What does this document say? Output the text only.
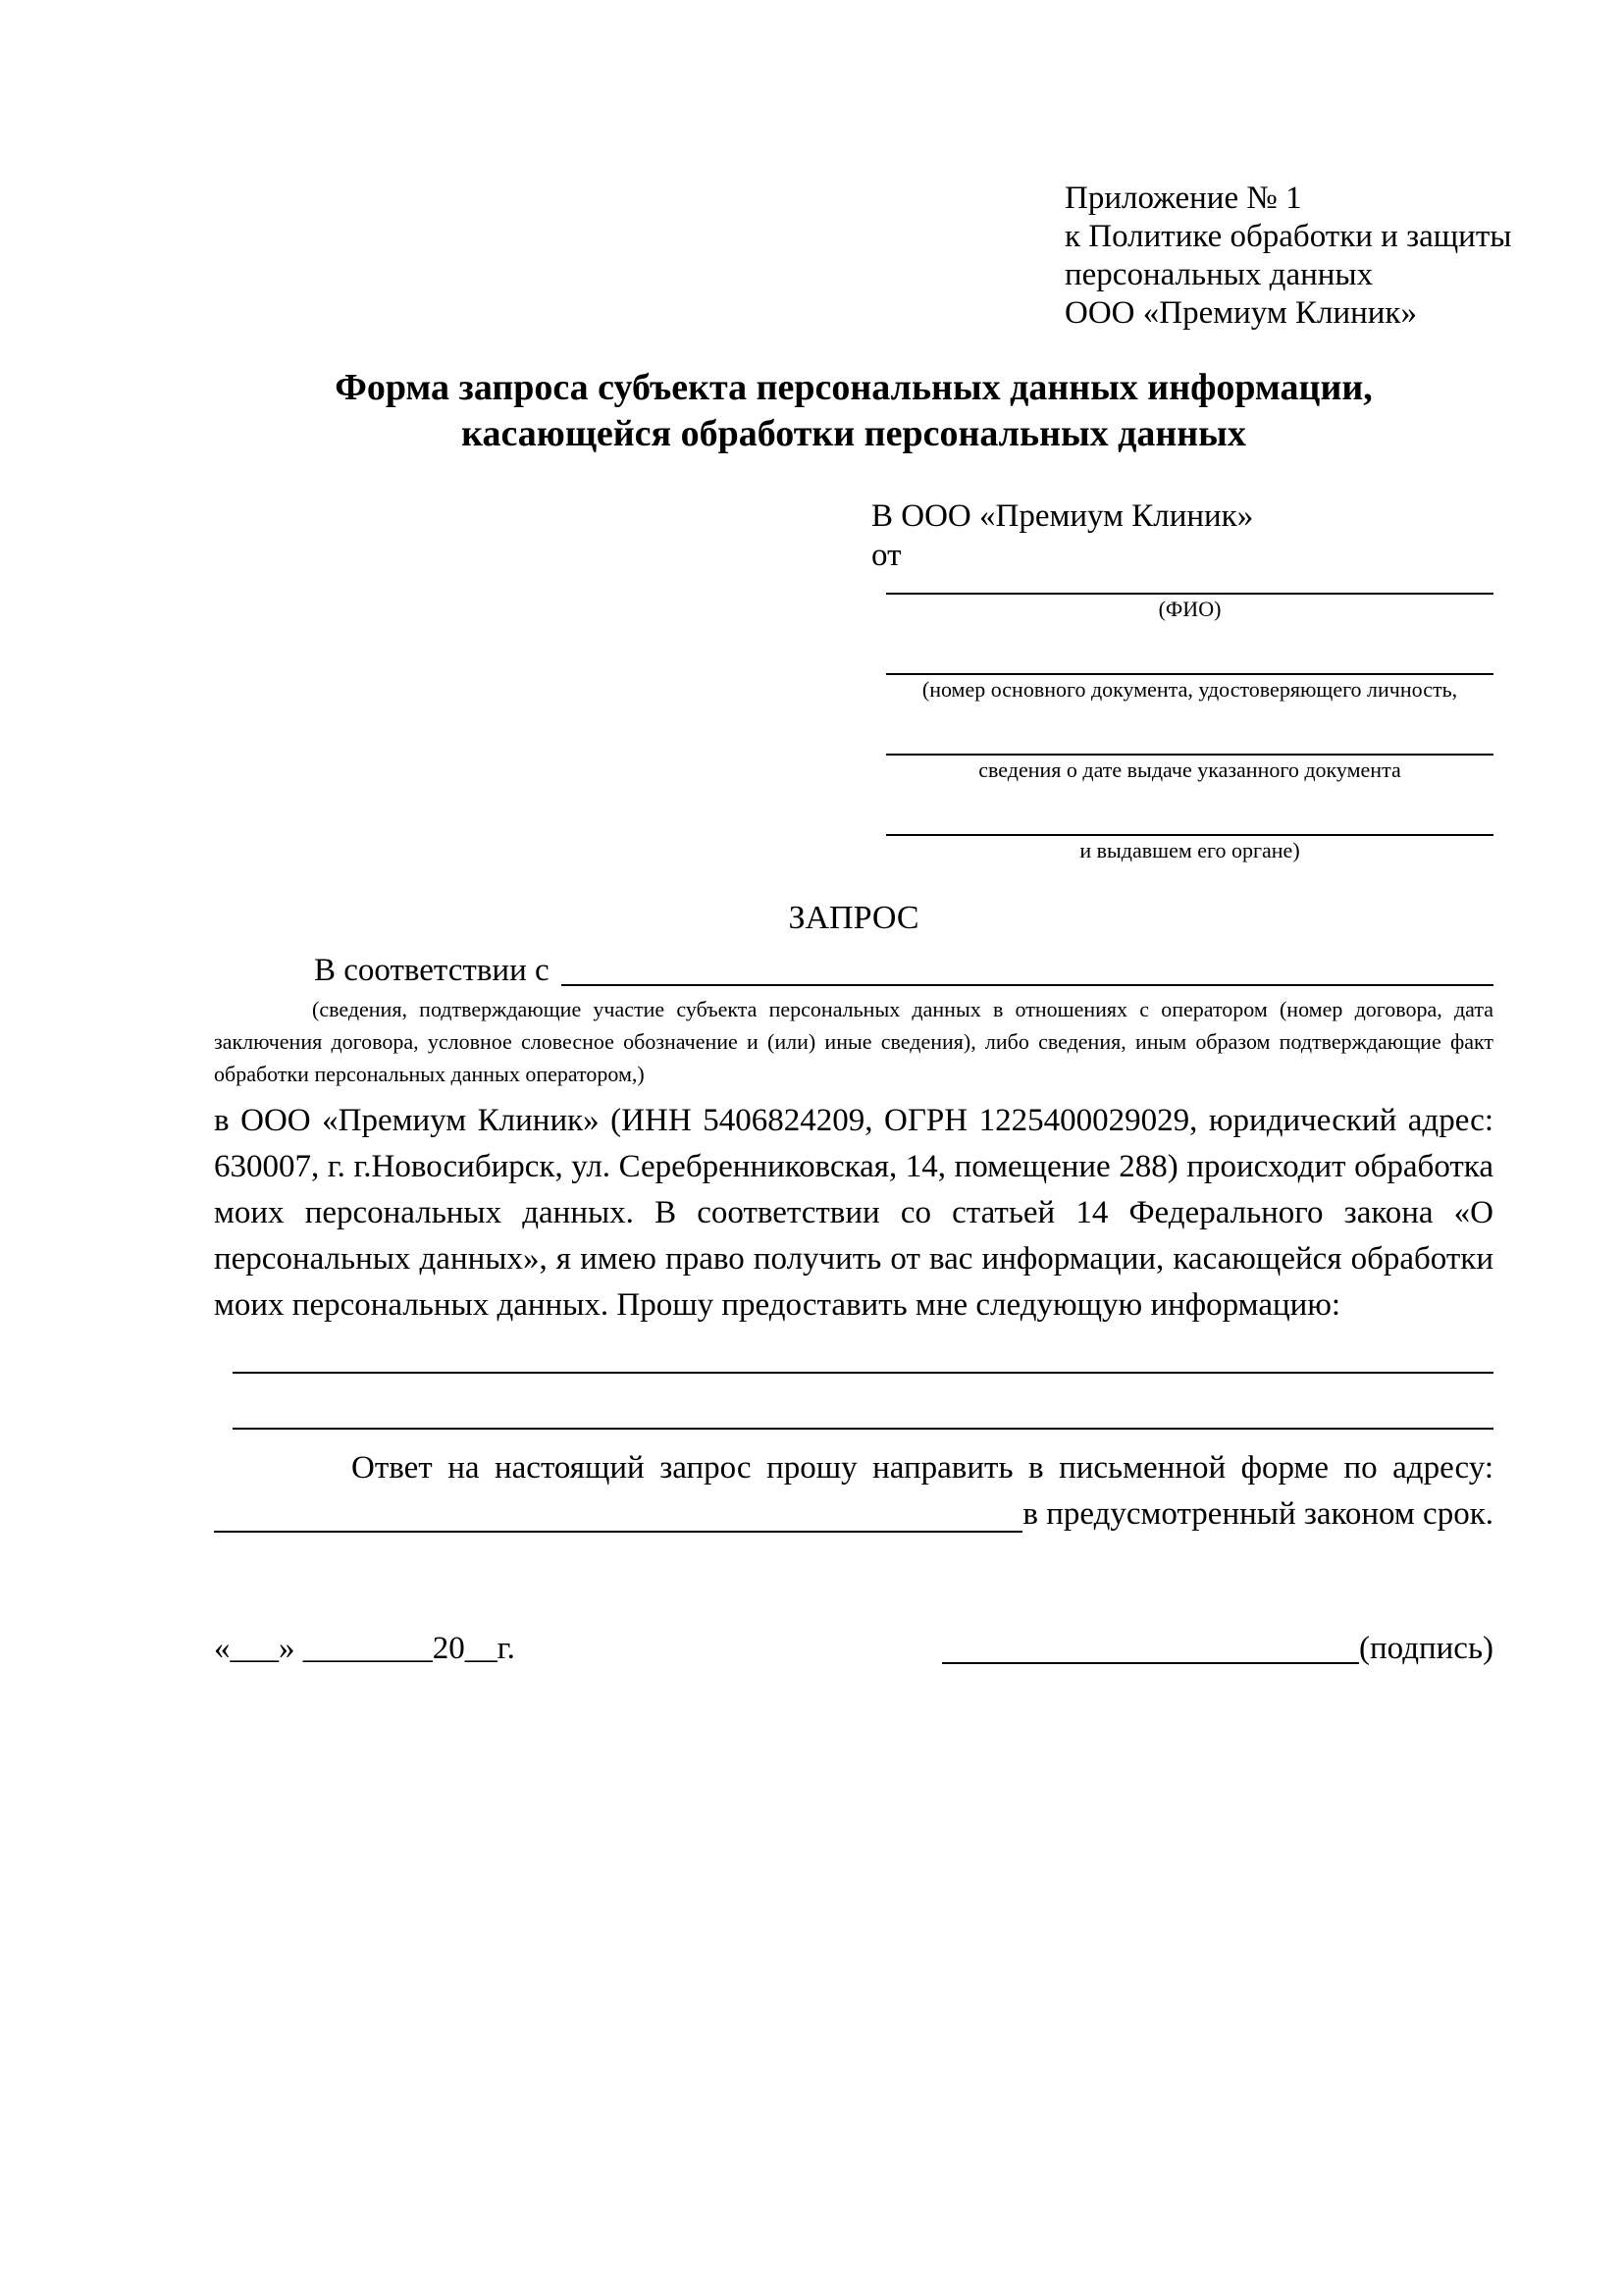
Приложение № 1
к Политике обработки и защиты
персональных данных
ООО «Премиум Клиник»
Форма запроса субъекта персональных данных информации, касающейся обработки персональных данных
В ООО «Премиум Клиник»
от
(ФИО)
(номер основного документа, удостоверяющего личность,
сведения о дате выдаче указанного документа
и выдавшем его органе)
ЗАПРОС
В соответствии с
(сведения, подтверждающие участие субъекта персональных данных в отношениях с оператором (номер договора, дата заключения договора, условное словесное обозначение и (или) иные сведения), либо сведения, иным образом подтверждающие факт обработки персональных данных оператором,)
в ООО «Премиум Клиник» (ИНН 5406824209, ОГРН 1225400029029, юридический адрес: 630007, г. г.Новосибирск, ул. Серебренниковская, 14, помещение 288) происходит обработка моих персональных данных. В соответствии со статьей 14 Федерального закона «О персональных данных», я имею право получить от вас информации, касающейся обработки моих персональных данных. Прошу предоставить мне следующую информацию:
Ответ на настоящий запрос прошу направить в письменной форме по адресу:
в предусмотренный законом срок.
«___» ________20__г.	(подпись)
